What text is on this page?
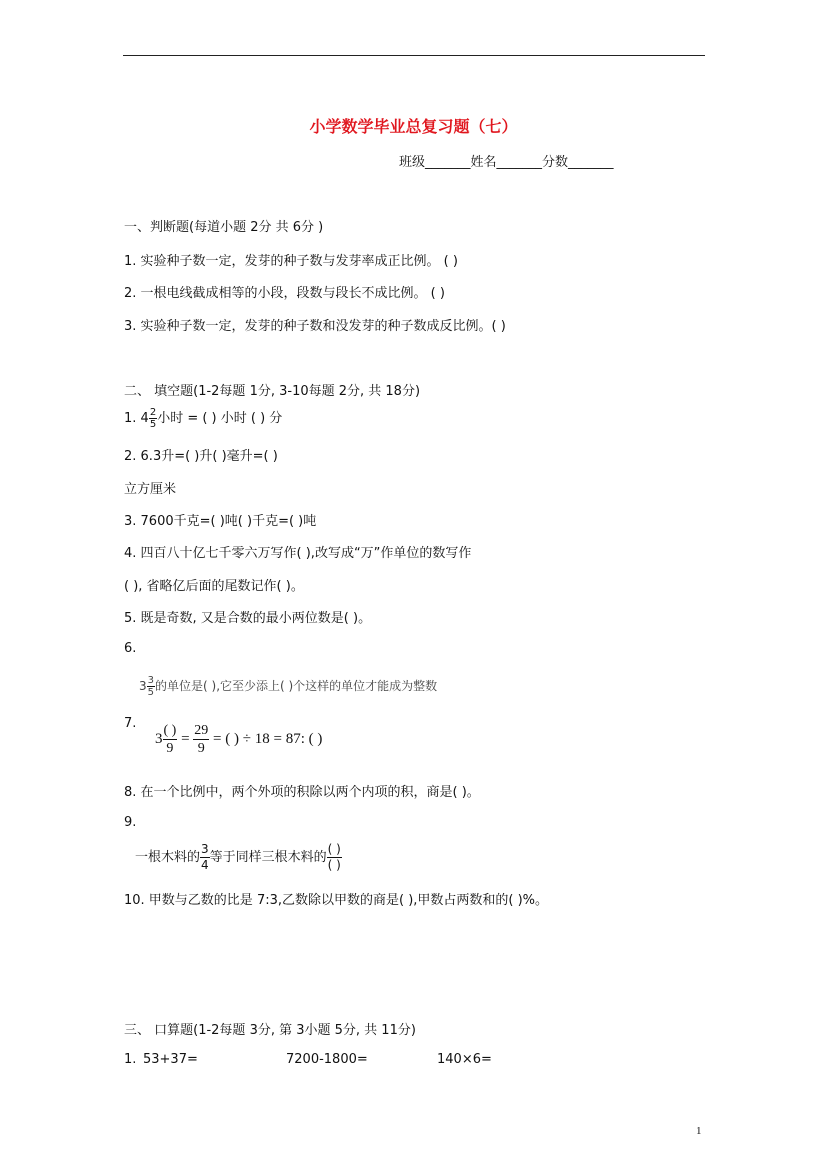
小学数学毕业总复习题（七）
班级_______姓名_______分数_______
一、判断题(每道小题 2分 共 6分 )
1. 实验种子数一定，发芽的种子数与发芽率成正比例。 ( )
2. 一根电线截成相等的小段，段数与段长不成比例。 ( )
3. 实验种子数一定，发芽的种子数和没发芽的种子数成反比例。( )
二、 填空题(1-2每题 1分, 3-10每题 2分, 共 18分)
1. $4 \frac{2}{5}$ 小时 = ( ) 小时 ( ) 分
2. 6.3升=( )升( )毫升=( )
立方厘米
3. 7600千克=( )吨( )千克=( )吨
4. 四百八十亿七千零六万写作( ),改写成“万”作单位的数写作
( ), 省略亿后面的尾数记作( )。
5. 既是奇数, 又是合数的最小两位数是( )。
6.
$3 \frac{3}{5}$ 的单位是( ),它至少添上( )个这样的单位才能成为整数
7.
$3 \frac{( )}{9} = \frac{29}{9}$ = ( ) ÷ 18 = 87: ( )
8. 在一个比例中，两个外项的积除以两个内项的积，商是( )。
9.
一根木料的 $\frac{3}{4}$ 等于同样三根木料的 $\frac{( )}{( )}$
10. 甲数与乙数的比是 7:3,乙数除以甲数的商是( ),甲数占两数和的( )%。
三、 口算题(1-2每题 3分, 第 3小题 5分, 共 11分)
1. 53+37=	7200-1800=	140×6=
1
